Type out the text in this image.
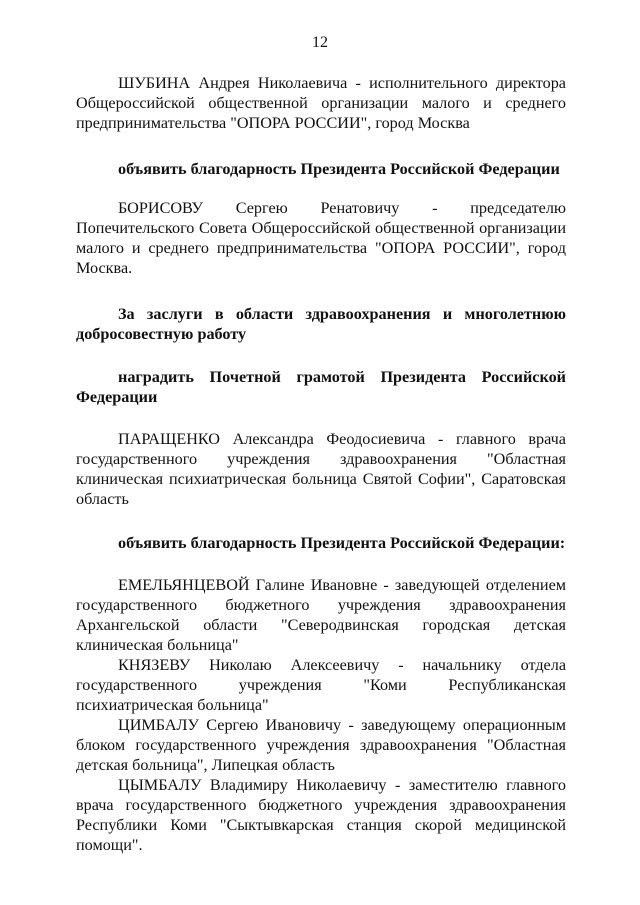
12

ШУБИНА Андрея Николаевича - исполнительного директора Общероссийской общественной организации малого и среднего предпринимательства "ОПОРА РОССИИ", город Москва

объявить благодарность Президента Российской Федерации

БОРИСОВУ Сергею Ренатовичу - председателю Попечительского Совета Общероссийской общественной организации малого и среднего предпринимательства "ОПОРА РОССИИ", город Москва.

За заслуги в области здравоохранения и многолетнюю добросовестную работу

наградить Почетной грамотой Президента Российской Федерации

ПАРАЩЕНКО Александра Феодосиевича - главного врача государственного учреждения здравоохранения "Областная клиническая психиатрическая больница Святой Софии", Саратовская область

объявить благодарность Президента Российской Федерации:

ЕМЕЛЬЯНЦЕВОЙ Галине Ивановне - заведующей отделением государственного бюджетного учреждения здравоохранения Архангельской области "Северодвинская городская детская клиническая больница"

КНЯЗЕВУ Николаю Алексеевичу - начальнику отдела государственного учреждения "Коми Республиканская психиатрическая больница"

ЦИМБАЛУ Сергею Ивановичу - заведующему операционным блоком государственного учреждения здравоохранения "Областная детская больница", Липецкая область

ЦЫМБАЛУ Владимиру Николаевичу - заместителю главного врача государственного бюджетного учреждения здравоохранения Республики Коми "Сыктывкарская станция скорой медицинской помощи".
